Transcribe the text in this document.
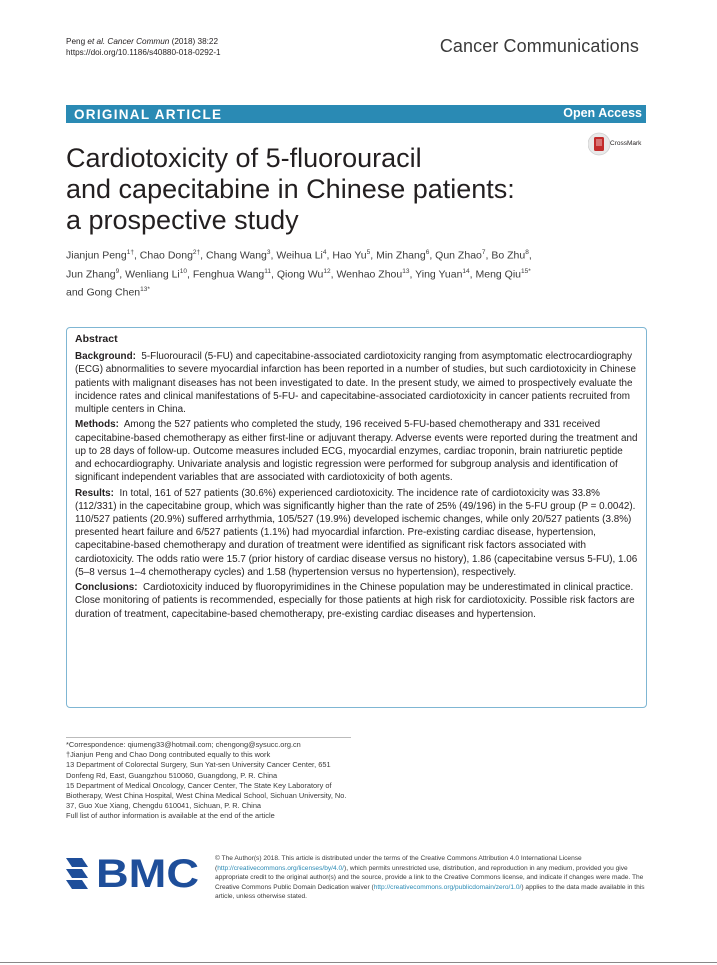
Peng et al. Cancer Commun (2018) 38:22
https://doi.org/10.1186/s40880-018-0292-1	Cancer Communications
ORIGINAL ARTICLE	Open Access
CrossMark
Cardiotoxicity of 5-fluorouracil
and capecitabine in Chinese patients:
a prospective study
Jianjun Peng$^{1\dagger}$, Chao Dong$^{2\dagger}$, Chang Wang$^3$, Weihua Li$^4$, Hao Yu$^5$, Min Zhang$^6$, Qun Zhao$^7$, Bo Zhu$^8$,
Jun Zhang$^9$, Wenliang Li$^{10}$, Fenghua Wang$^{11}$, Qiong Wu$^{12}$, Wenhao Zhou$^{13}$, Ying Yuan$^{14}$, Meng Qiu$^{15*}$
and Gong Chen$^{13*}$
Abstract

Background: 5-Fluorouracil (5-FU) and capecitabine-associated cardiotoxicity ranging from asymptomatic electrocardiography (ECG) abnormalities to severe myocardial infarction has been reported in a number of studies, but such cardiotoxicity in Chinese patients with malignant diseases has not been investigated to date. In the present study, we aimed to prospectively evaluate the incidence rates and clinical manifestations of 5-FU- and capecitabine-associated cardiotoxicity in cancer patients recruited from multiple centers in China.

Methods: Among the 527 patients who completed the study, 196 received 5-FU-based chemotherapy and 331 received capecitabine-based chemotherapy as either first-line or adjuvant therapy. Adverse events were reported during the treatment and up to 28 days of follow-up. Outcome measures included ECG, myocardial enzymes, cardiac troponin, brain natriuretic peptide and echocardiography. Univariate analysis and logistic regression were performed for subgroup analysis and identification of significant independent variables that are associated with cardiotoxicity of both agents.

Results: In total, 161 of 527 patients (30.6%) experienced cardiotoxicity. The incidence rate of cardiotoxicity was 33.8% (112/331) in the capecitabine group, which was significantly higher than the rate of 25% (49/196) in the 5-FU group (P = 0.0042). 110/527 patients (20.9%) suffered arrhythmia, 105/527 (19.9%) developed ischemic changes, while only 20/527 patients (3.8%) presented heart failure and 6/527 patients (1.1%) had myocardial infarction. Pre-existing cardiac disease, hypertension, capecitabine-based chemotherapy and duration of treatment were identified as significant risk factors associated with cardiotoxicity. The odds ratio were 15.7 (prior history of cardiac disease versus no history), 1.86 (capecitabine versus 5-FU), 1.06 (5–8 versus 1–4 chemotherapy cycles) and 1.58 (hypertension versus no hypertension), respectively.

Conclusions: Cardiotoxicity induced by fluoropyrimidines in the Chinese population may be underestimated in clinical practice. Close monitoring of patients is recommended, especially for those patients at high risk for cardiotoxicity. Possible risk factors are duration of treatment, capecitabine-based chemotherapy, pre-existing cardiac diseases and hypertension.

*Correspondence: qiumeng33@hotmail.com; chengong@sysucc.org.cn
†Jianjun Peng and Chao Dong contributed equally to this work
13 Department of Colorectal Surgery, Sun Yat-sen University Cancer Center, 651 Donfeng Rd, East, Guangzhou 510060, Guangdong, P. R. China
15 Department of Medical Oncology, Cancer Center, The State Key Laboratory of Biotherapy, West China Hospital, West China Medical School, Sichuan University, No. 37, Guo Xue Xiang, Chengdu 610041, Sichuan, P. R. China
Full list of author information is available at the end of the article
BMC © The Author(s) 2018. This article is distributed under the terms of the Creative Commons Attribution 4.0 International License (http://creativecommons.org/licenses/by/4.0/), which permits unrestricted use, distribution, and reproduction in any medium, provided you give appropriate credit to the original author(s) and the source, provide a link to the Creative Commons license, and indicate if changes were made. The Creative Commons Public Domain Dedication waiver (http://creativecommons.org/publicdomain/zero/1.0/) applies to the data made available in this article, unless otherwise stated.
